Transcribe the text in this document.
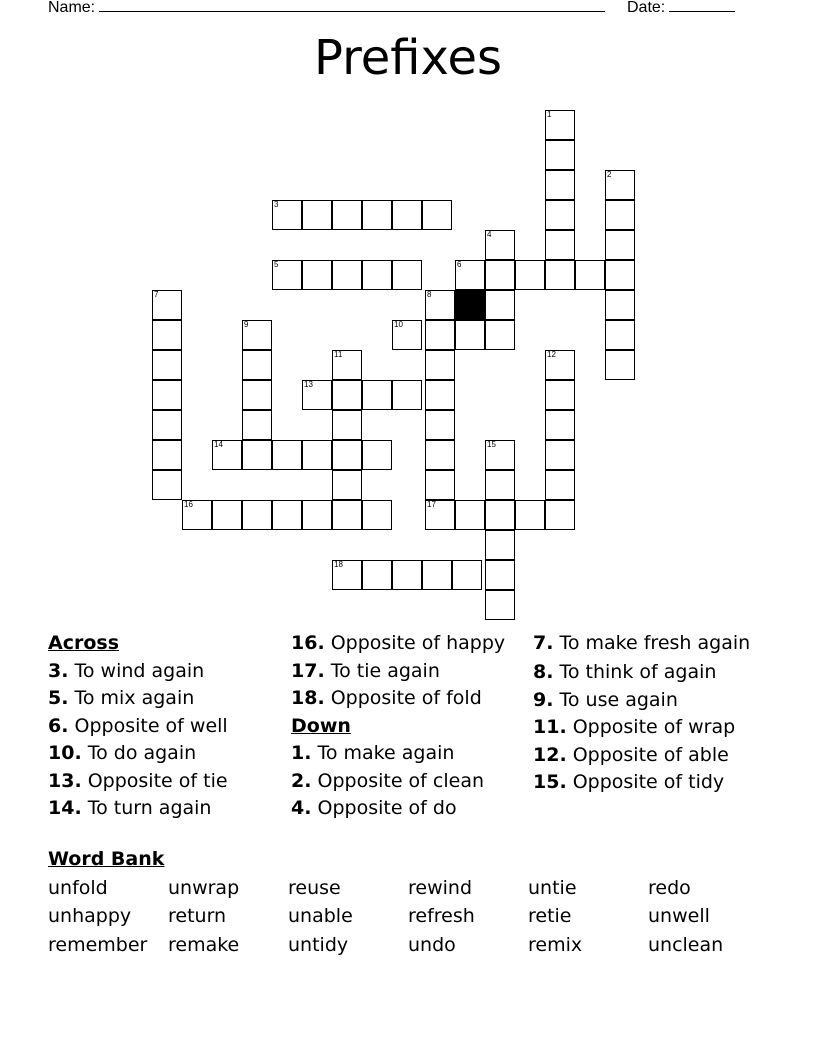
Name:	Date:
Prefixes
1
2
3
4
5	6
7	8
9	10
11	12
13
14	15
16	17
18
Across
3. To wind again
5. To mix again
6. Opposite of well
10. To do again
13. Opposite of tie
14. To turn again
16. Opposite of happy
17. To tie again
18. Opposite of fold
Down
1. To make again
2. Opposite of clean
4. Opposite of do
7. To make fresh again
8. To think of again
9. To use again
11. Opposite of wrap
12. Opposite of able
15. Opposite of tidy
Word Bank
unfold	unwrap	reuse	rewind	untie	redo
unhappy	return	unable	refresh	retie	unwell
remember	remake	untidy	undo	remix	unclean
